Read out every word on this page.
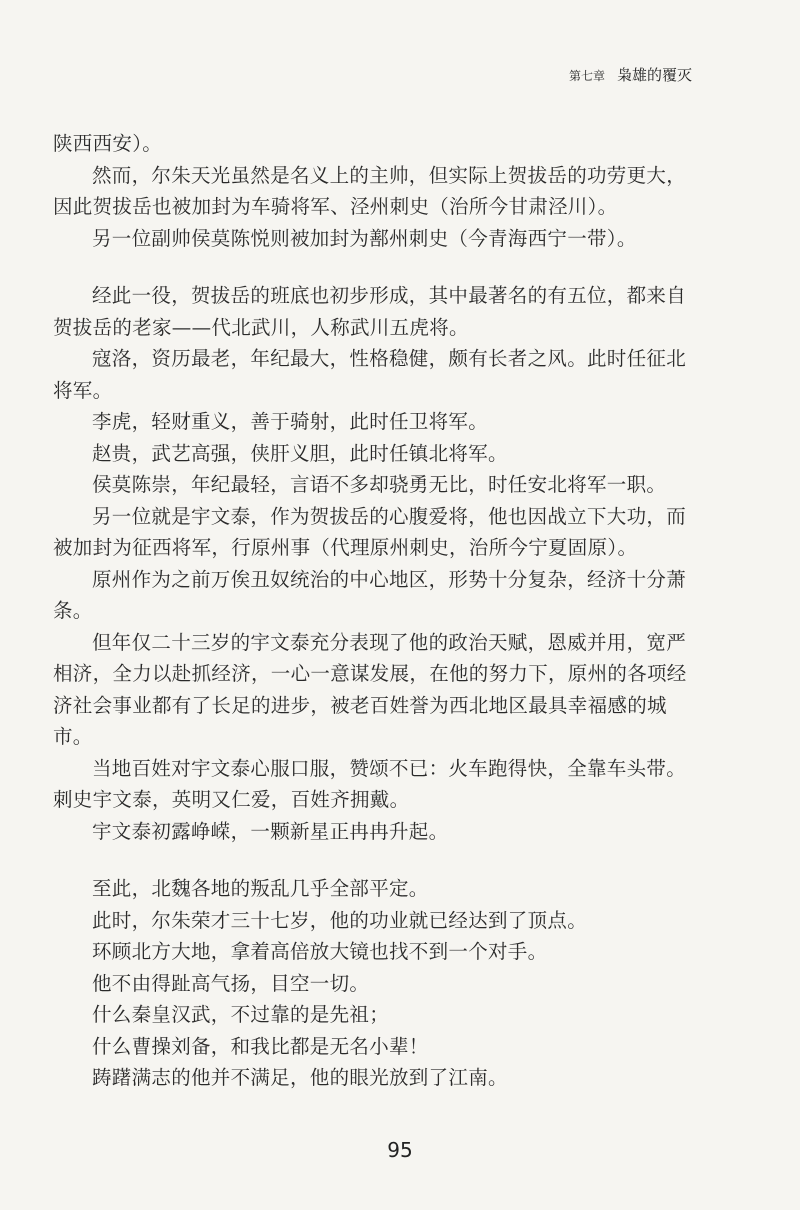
第七章 枭雄的覆灭

陕西西安）。

然而，尔朱天光虽然是名义上的主帅，但实际上贺拔岳的功劳更大，因此贺拔岳也被加封为车骑将军、泾州刺史（治所今甘肃泾川）。

另一位副帅侯莫陈悦则被加封为鄯州刺史（今青海西宁一带）。

经此一役，贺拔岳的班底也初步形成，其中最著名的有五位，都来自贺拔岳的老家——代北武川，人称武川五虎将。

寇洛，资历最老，年纪最大，性格稳健，颇有长者之风。此时任征北将军。

李虎，轻财重义，善于骑射，此时任卫将军。

赵贵，武艺高强，侠肝义胆，此时任镇北将军。

侯莫陈崇，年纪最轻，言语不多却骁勇无比，时任安北将军一职。

另一位就是宇文泰，作为贺拔岳的心腹爱将，他也因战立下大功，而被加封为征西将军，行原州事（代理原州刺史，治所今宁夏固原）。

原州作为之前万俟丑奴统治的中心地区，形势十分复杂，经济十分萧条。

但年仅二十三岁的宇文泰充分表现了他的政治天赋，恩威并用，宽严相济，全力以赴抓经济，一心一意谋发展，在他的努力下，原州的各项经济社会事业都有了长足的进步，被老百姓誉为西北地区最具幸福感的城市。

当地百姓对宇文泰心服口服，赞颂不已：火车跑得快，全靠车头带。刺史宇文泰，英明又仁爱，百姓齐拥戴。

宇文泰初露峥嵘，一颗新星正冉冉升起。

至此，北魏各地的叛乱几乎全部平定。

此时，尔朱荣才三十七岁，他的功业就已经达到了顶点。

环顾北方大地，拿着高倍放大镜也找不到一个对手。

他不由得趾高气扬，目空一切。

什么秦皇汉武，不过靠的是先祖；

什么曹操刘备，和我比都是无名小辈！

踌躇满志的他并不满足，他的眼光放到了江南。

95
